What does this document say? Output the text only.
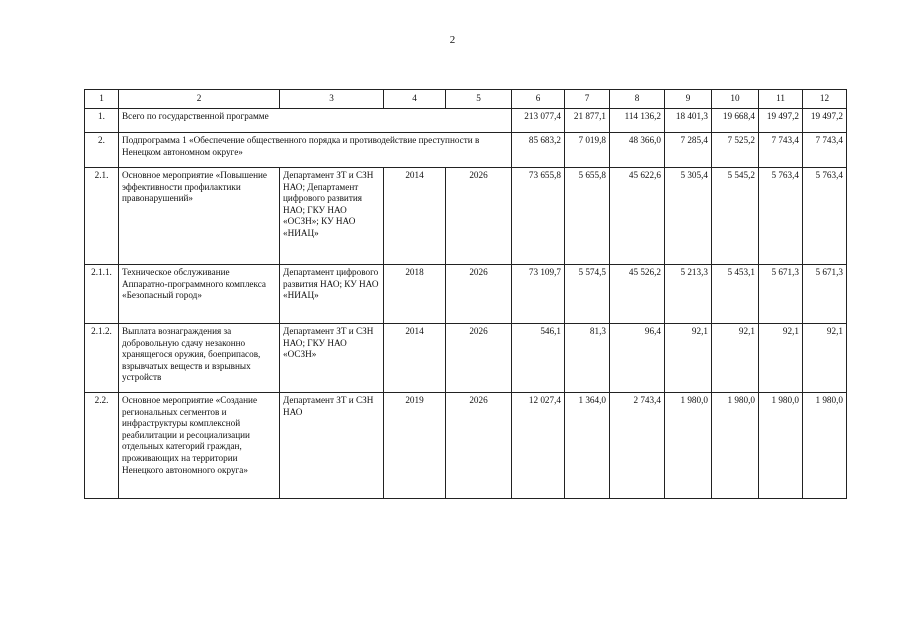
2
1	2	3	4	5	6	7	8	9	10	11	12
1.	Всего по государственной программе				213 077,4	21 877,1	114 136,2	18 401,3	19 668,4	19 497,2	19 497,2
2.	Подпрограмма 1 «Обеспечение общественного порядка и противодействие преступности в Ненецком автономном округе»				85 683,2	7 019,8	48 366,0	7 285,4	7 525,2	7 743,4	7 743,4
2.1.	Основное мероприятие «Повышение эффективности профилактики правонарушений»	Департамент ЗТ и СЗН НАО; Департамент цифрового развития НАО; ГКУ НАО «ОСЗН»; КУ НАО «НИАЦ»	2014	2026	73 655,8	5 655,8	45 622,6	5 305,4	5 545,2	5 763,4	5 763,4
2.1.1.	Техническое обслуживание Аппаратно-программного комплекса «Безопасный город»	Департамент цифрового развития НАО; КУ НАО «НИАЦ»	2018	2026	73 109,7	5 574,5	45 526,2	5 213,3	5 453,1	5 671,3	5 671,3
2.1.2.	Выплата вознаграждения за добровольную сдачу незаконно хранящегося оружия, боеприпасов, взрывчатых веществ и взрывных устройств	Департамент ЗТ и СЗН НАО; ГКУ НАО «ОСЗН»	2014	2026	546,1	81,3	96,4	92,1	92,1	92,1	92,1
2.2.	Основное мероприятие «Создание региональных сегментов и инфраструктуры комплексной реабилитации и ресоциализации отдельных категорий граждан, проживающих на территории Ненецкого автономного округа»	Департамент ЗТ и СЗН НАО	2019	2026	12 027,4	1 364,0	2 743,4	1 980,0	1 980,0	1 980,0	1 980,0
